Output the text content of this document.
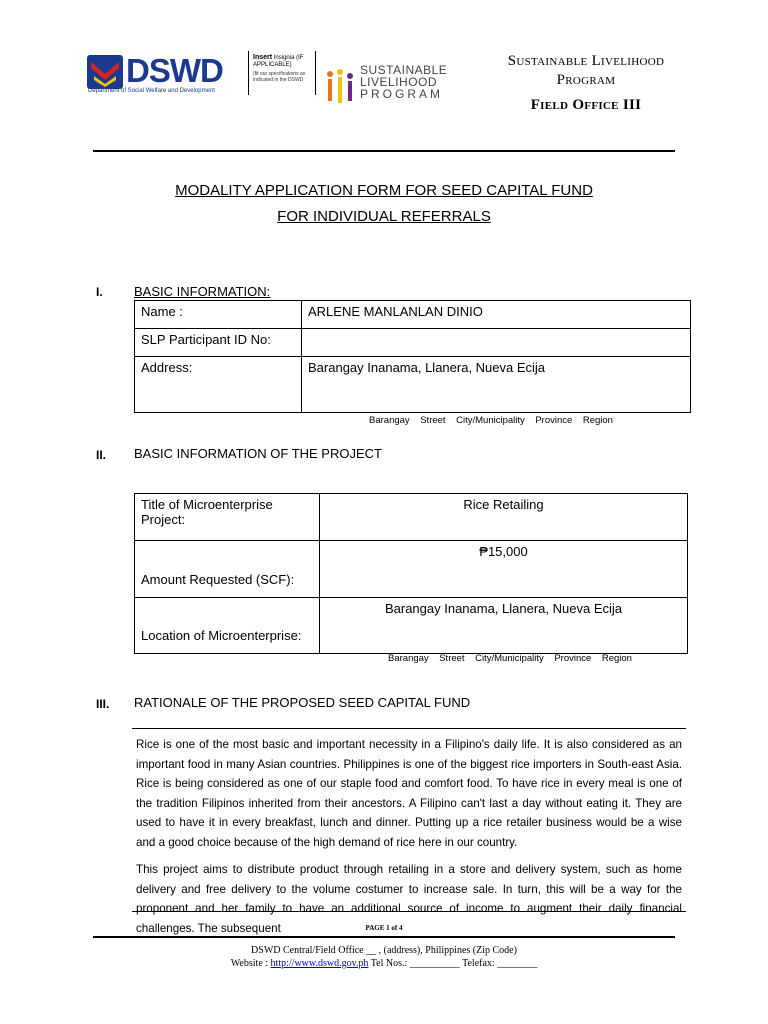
DSWD
Department of Social Welfare and Development
Insert Insignia (IF APPLICABLE)
(fit our specifications as indicated in the DSWD
SUSTAINABLE
LIVELIHOOD
PROGRAM
Sustainable Livelihood
Program
Field Office III
MODALITY APPLICATION FORM FOR SEED CAPITAL FUND
FOR INDIVIDUAL REFERRALS
I. BASIC INFORMATION:
Name :	ARLENE MANLANLAN DINIO
SLP Participant ID No:	
Address:	Barangay Inanama, Llanera, Nueva Ecija
Barangay    Street    City/Municipality    Province    Region
II. BASIC INFORMATION OF THE PROJECT
Title of Microenterprise Project:	Rice Retailing
Amount Requested (SCF):	₱15,000
Location of Microenterprise:	Barangay Inanama, Llanera, Nueva Ecija
Barangay    Street    City/Municipality    Province    Region
III. RATIONALE OF THE PROPOSED SEED CAPITAL FUND

Rice is one of the most basic and important necessity in a Filipino's daily life. It is also considered as an important food in many Asian countries. Philippines is one of the biggest rice importers in South-east Asia. Rice is being considered as one of our staple food and comfort food. To have rice in every meal is one of the tradition Filipinos inherited from their ancestors. A Filipino can't last a day without eating it. They are used to have it in every breakfast, lunch and dinner. Putting up a rice retailer business would be a wise and a good choice because of the high demand of rice here in our country.

This project aims to distribute product through retailing in a store and delivery system, such as home delivery and free delivery to the volume costumer to increase sale. In turn, this will be a way for the proponent and her family to have an additional source of income to augment their daily financial challenges. The subsequent	PAGE 1 of 4
DSWD Central/Field Office __ , (address), Philippines (Zip Code)
Website : http://www.dswd.gov.ph Tel Nos.: __________ Telefax: ________
